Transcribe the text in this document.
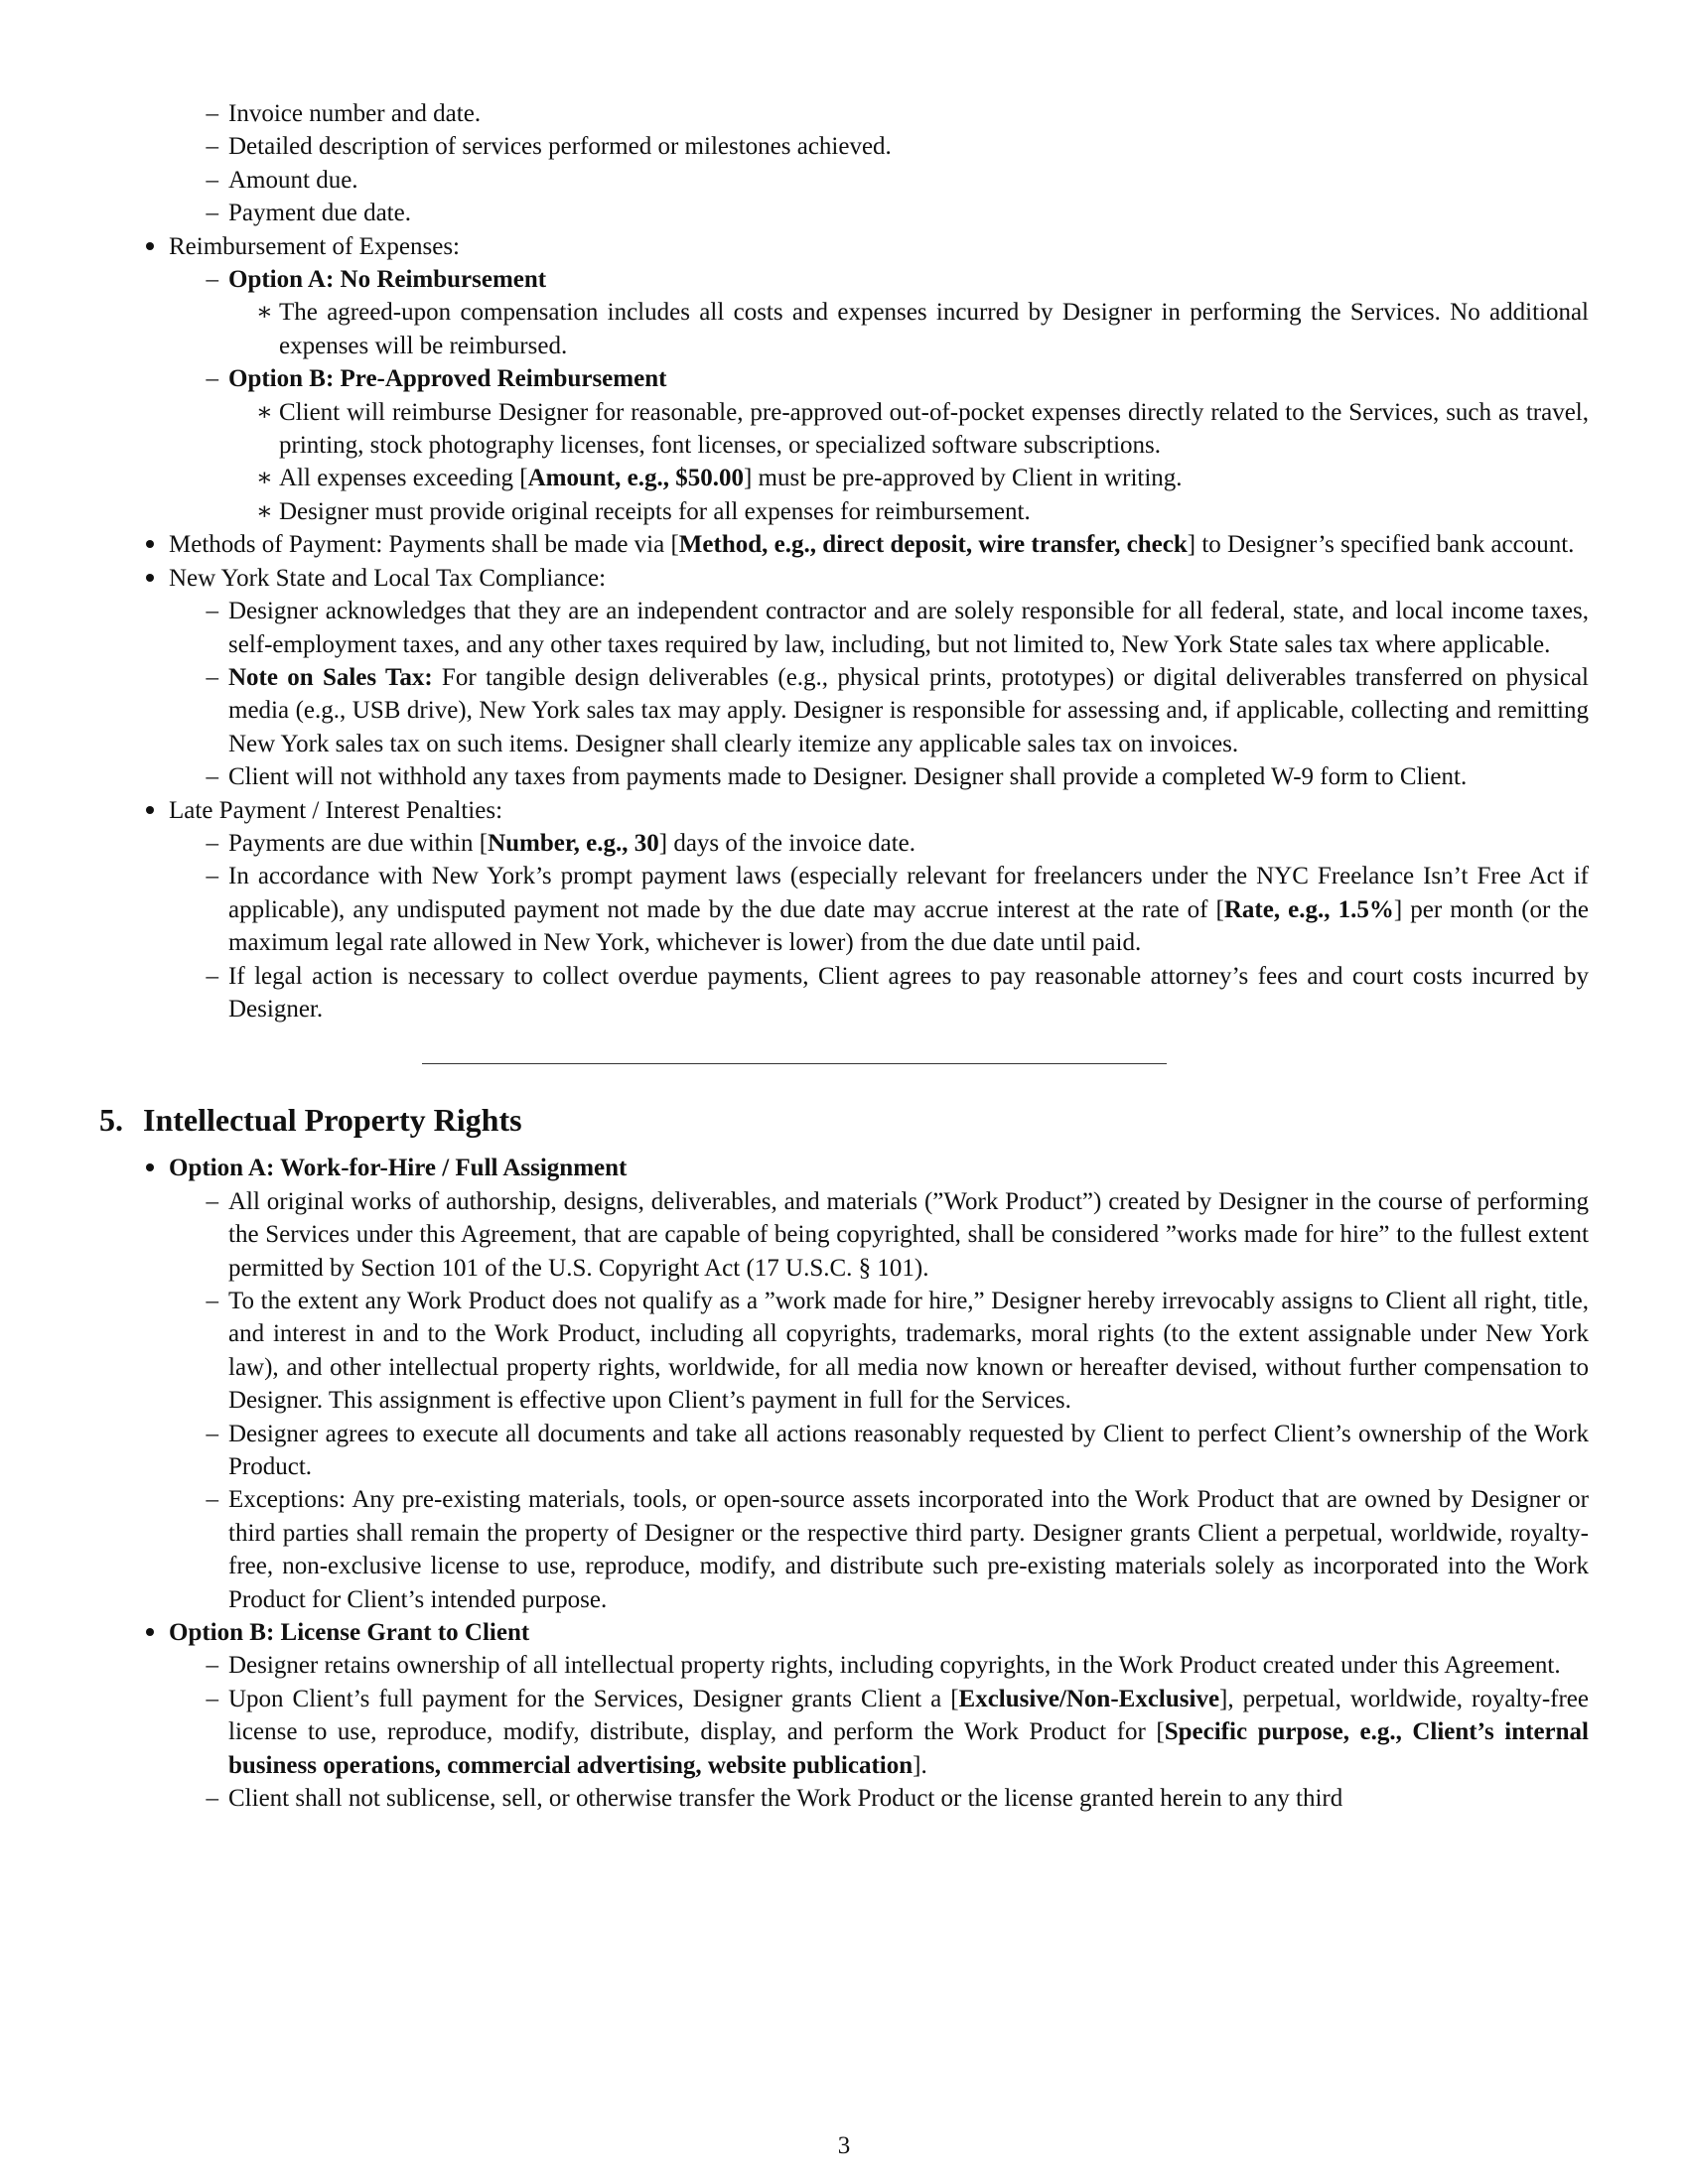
– Invoice number and date.
– Detailed description of services performed or milestones achieved.
– Amount due.
– Payment due date.
Reimbursement of Expenses:
– Option A: No Reimbursement
∗ The agreed-upon compensation includes all costs and expenses incurred by Designer in performing the Services. No additional expenses will be reimbursed.
– Option B: Pre-Approved Reimbursement
∗ Client will reimburse Designer for reasonable, pre-approved out-of-pocket expenses directly related to the Services, such as travel, printing, stock photography licenses, font licenses, or specialized software subscriptions.
∗ All expenses exceeding [Amount, e.g., $50.00] must be pre-approved by Client in writing.
∗ Designer must provide original receipts for all expenses for reimbursement.
Methods of Payment: Payments shall be made via [Method, e.g., direct deposit, wire transfer, check] to Designer’s specified bank account.
New York State and Local Tax Compliance:
– Designer acknowledges that they are an independent contractor and are solely responsible for all federal, state, and local income taxes, self-employment taxes, and any other taxes required by law, including, but not limited to, New York State sales tax where applicable.
– Note on Sales Tax: For tangible design deliverables (e.g., physical prints, prototypes) or digital deliverables transferred on physical media (e.g., USB drive), New York sales tax may apply. Designer is responsible for assessing and, if applicable, collecting and remitting New York sales tax on such items. Designer shall clearly itemize any applicable sales tax on invoices.
– Client will not withhold any taxes from payments made to Designer. Designer shall provide a completed W-9 form to Client.
Late Payment / Interest Penalties:
– Payments are due within [Number, e.g., 30] days of the invoice date.
– In accordance with New York’s prompt payment laws (especially relevant for freelancers under the NYC Freelance Isn’t Free Act if applicable), any undisputed payment not made by the due date may accrue interest at the rate of [Rate, e.g., 1.5%] per month (or the maximum legal rate allowed in New York, whichever is lower) from the due date until paid.
– If legal action is necessary to collect overdue payments, Client agrees to pay reasonable attorney’s fees and court costs incurred by Designer.
5. Intellectual Property Rights
Option A: Work-for-Hire / Full Assignment
– All original works of authorship, designs, deliverables, and materials (”Work Product”) created by Designer in the course of performing the Services under this Agreement, that are capable of being copyrighted, shall be considered ”works made for hire” to the fullest extent permitted by Section 101 of the U.S. Copyright Act (17 U.S.C. § 101).
– To the extent any Work Product does not qualify as a ”work made for hire,” Designer hereby irrevocably assigns to Client all right, title, and interest in and to the Work Product, including all copyrights, trademarks, moral rights (to the extent assignable under New York law), and other intellectual property rights, worldwide, for all media now known or hereafter devised, without further compensation to Designer. This assignment is effective upon Client’s payment in full for the Services.
– Designer agrees to execute all documents and take all actions reasonably requested by Client to perfect Client’s ownership of the Work Product.
– Exceptions: Any pre-existing materials, tools, or open-source assets incorporated into the Work Product that are owned by Designer or third parties shall remain the property of Designer or the respective third party. Designer grants Client a perpetual, worldwide, royalty-free, non-exclusive license to use, reproduce, modify, and distribute such pre-existing materials solely as incorporated into the Work Product for Client’s intended purpose.
Option B: License Grant to Client
– Designer retains ownership of all intellectual property rights, including copyrights, in the Work Product created under this Agreement.
– Upon Client’s full payment for the Services, Designer grants Client a [Exclusive/Non-Exclusive], perpetual, worldwide, royalty-free license to use, reproduce, modify, distribute, display, and perform the Work Product for [Specific purpose, e.g., Client’s internal business operations, commercial advertising, website publication].
– Client shall not sublicense, sell, or otherwise transfer the Work Product or the license granted herein to any third
3
